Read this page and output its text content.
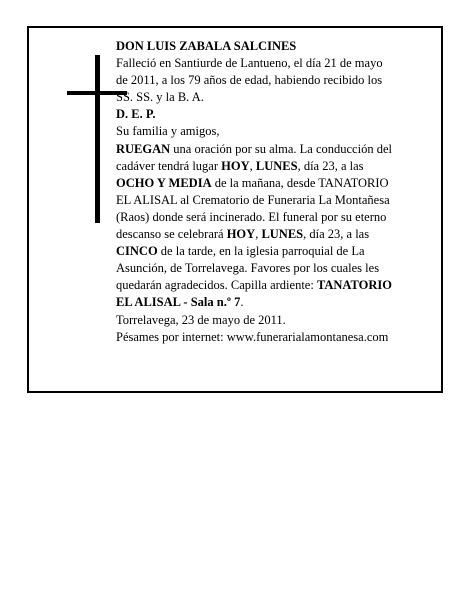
DON LUIS ZABALA SALCINES
Falleció en Santiurde de Lantueno, el día 21 de mayo
de 2011, a los 79 años de edad, habiendo recibido los
SS. SS. y la B. A.
D. E. P.
Su familia y amigos,
RUEGAN una oración por su alma. La conducción del
cadáver tendrá lugar HOY, LUNES, día 23, a las
OCHO Y MEDIA de la mañana, desde TANATORIO
EL ALISAL al Crematorio de Funeraria La Montañesa
(Raos) donde será incinerado. El funeral por su eterno
descanso se celebrará HOY, LUNES, día 23, a las
CINCO de la tarde, en la iglesia parroquial de La
Asunción, de Torrelavega. Favores por los cuales les
quedarán agradecidos. Capilla ardiente: TANATORIO
EL ALISAL - Sala n.º 7.
Torrelavega, 23 de mayo de 2011.
Pésames por internet: www.funerarialamontanesa.com
